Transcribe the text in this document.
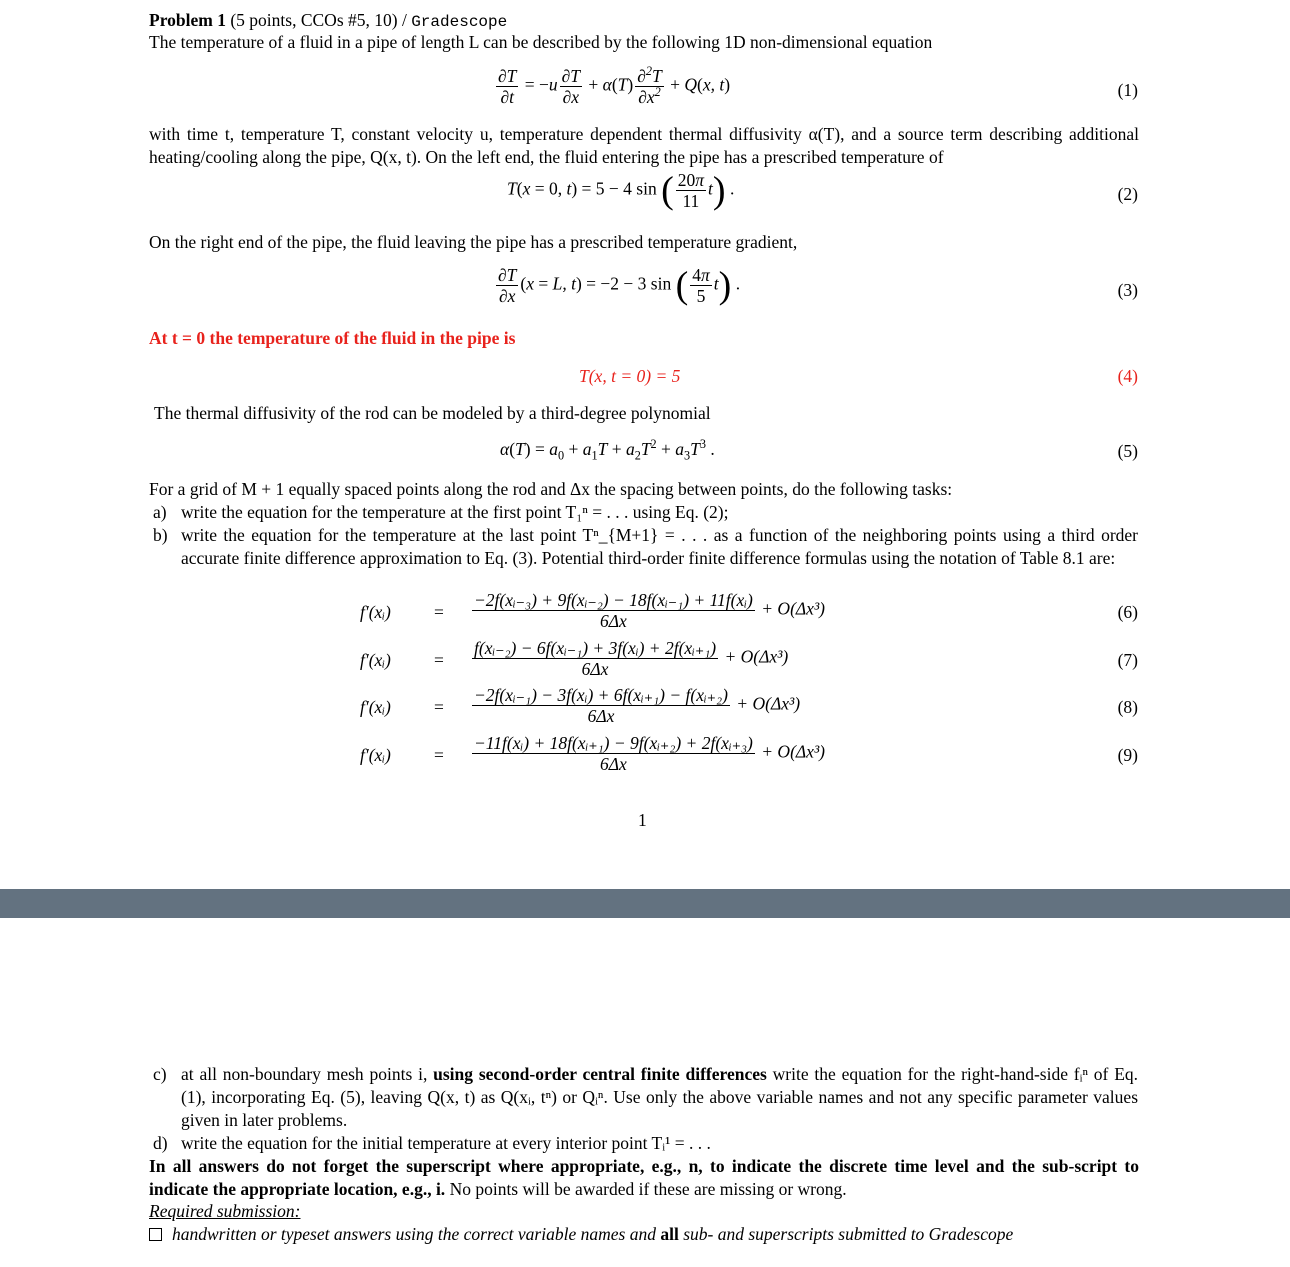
Problem 1 (5 points, CCOs #5, 10) / Gradescope
The temperature of a fluid in a pipe of length L can be described by the following 1D non-dimensional equation
$\frac{\partial T}{\partial t} = -u \frac{\partial T}{\partial x} + \alpha(T) \frac{\partial^2T}{\partial x^2} + Q(x$, t)	(1)
with time t, temperature T, constant velocity u, temperature dependent thermal diffusivity α(T), and a source term describing additional heating/cooling along the pipe, Q(x, t). On the left end, the fluid entering the pipe has a prescribed temperature of
T(x = 0, t) = 5 − 4 sin ( $\frac{20\pi}{11} t$) .	(2)
On the right end of the pipe, the fluid leaving the pipe has a prescribed temperature gradient,
$\frac{\partial T}{\partial x} (x = L$, t) = −2 − 3 sin ( $\frac{4\pi}{5} t$) .	(3)
At t = 0 the temperature of the fluid in the pipe is
T(x, t = 0) = 5	(4)
The thermal diffusivity of the rod can be modeled by a third-degree polynomial
$\alpha(T) = a_0 + a_1T + a_2T^2 + a_3T^3$ .	(5)
For a grid of M + 1 equally spaced points along the rod and Δx the spacing between points, do the following tasks:
a) write the equation for the temperature at the first point T₁ⁿ = . . . using Eq. (2);
b) write the equation for the temperature at the last point Tⁿ_{M+1} = . . . as a function of the neighboring points using a third order accurate finite difference approximation to Eq. (3). Potential third-order finite difference formulas using the notation of Table 8.1 are:
f′(xᵢ)	= $\frac{\text{−2f(xᵢ₋₃) + 9f(xᵢ₋₂) − 18f(xᵢ₋₁) + 11f(xᵢ)}}{6\Delta x} + O(\Delta x^3)$	(6)
f′(xᵢ)	= $\frac{\text{f(xᵢ₋₂) − 6f(xᵢ₋₁) + 3f(xᵢ) + 2f(xᵢ₊₁)}}{6\Delta x} + O(\Delta x^3)$	(7)
f′(xᵢ)	= $\frac{\text{−2f(xᵢ₋₁) − 3f(xᵢ) + 6f(xᵢ₊₁) − f(xᵢ₊₂)}}{6\Delta x} + O(\Delta x^3)$	(8)
f′(xᵢ)	= $\frac{\text{−11f(xᵢ) + 18f(xᵢ₊₁) − 9f(xᵢ₊₂) + 2f(xᵢ₊₃)}}{6\Delta x} + O(\Delta x^3)$	(9)
1
c) at all non-boundary mesh points i, using second-order central finite differences write the equation for the right-hand-side fᵢⁿ of Eq. (1), incorporating Eq. (5), leaving Q(x, t) as Q(xᵢ, tⁿ) or Qᵢⁿ. Use only the above variable names and not any specific parameter values given in later problems.
d) write the equation for the initial temperature at every interior point Tᵢ¹ = . . .
In all answers do not forget the superscript where appropriate, e.g., n, to indicate the discrete time level and the sub-script to indicate the appropriate location, e.g., i. No points will be awarded if these are missing or wrong.
Required submission:
handwritten or typeset answers using the correct variable names and all sub- and superscripts submitted to Gradescope
